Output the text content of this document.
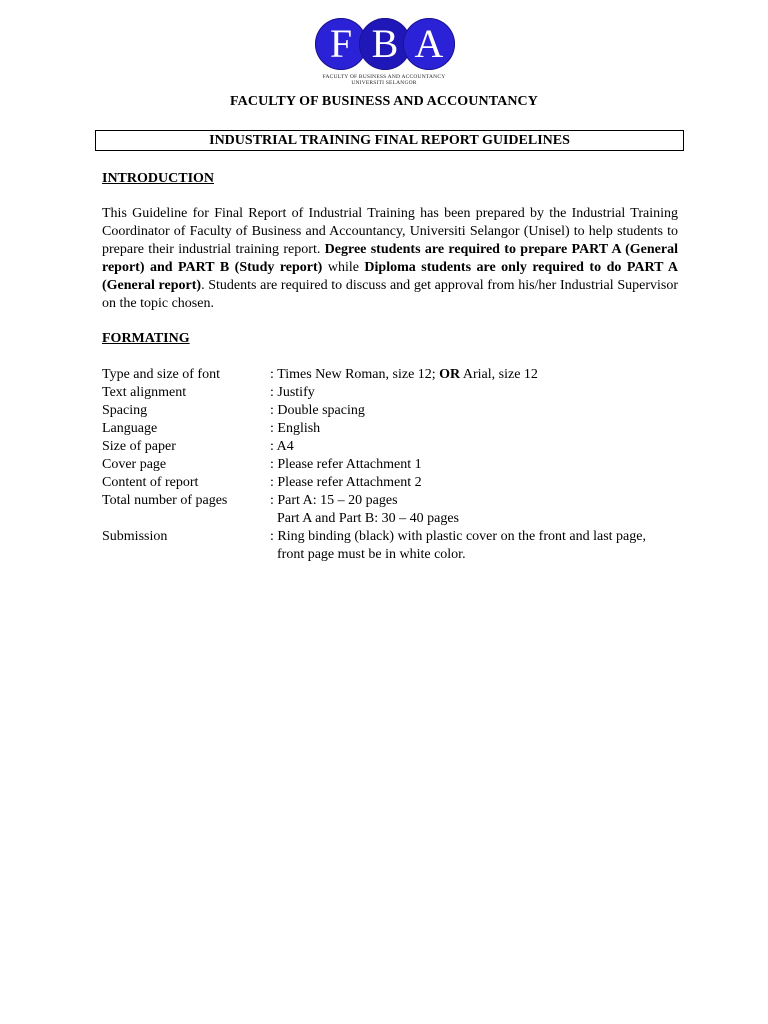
F B A
FACULTY OF BUSINESS AND ACCOUNTANCY
UNIVERSITI SELANGOR
FACULTY OF BUSINESS AND ACCOUNTANCY
INDUSTRIAL TRAINING FINAL REPORT GUIDELINES
INTRODUCTION
This Guideline for Final Report of Industrial Training has been prepared by the Industrial Training Coordinator of Faculty of Business and Accountancy, Universiti Selangor (Unisel) to help students to prepare their industrial training report. Degree students are required to prepare PART A (General report) and PART B (Study report) while Diploma students are only required to do PART A (General report). Students are required to discuss and get approval from his/her Industrial Supervisor on the topic chosen.
FORMATING
Type and size of font	: Times New Roman, size 12; OR Arial, size 12
Text alignment	: Justify
Spacing	: Double spacing
Language	: English
Size of paper	: A4
Cover page	: Please refer Attachment 1
Content of report	: Please refer Attachment 2
Total number of pages	: Part A: 15 – 20 pages
Part A and Part B: 30 – 40 pages
Submission	: Ring binding (black) with plastic cover on the front and last page,
front page must be in white color.
